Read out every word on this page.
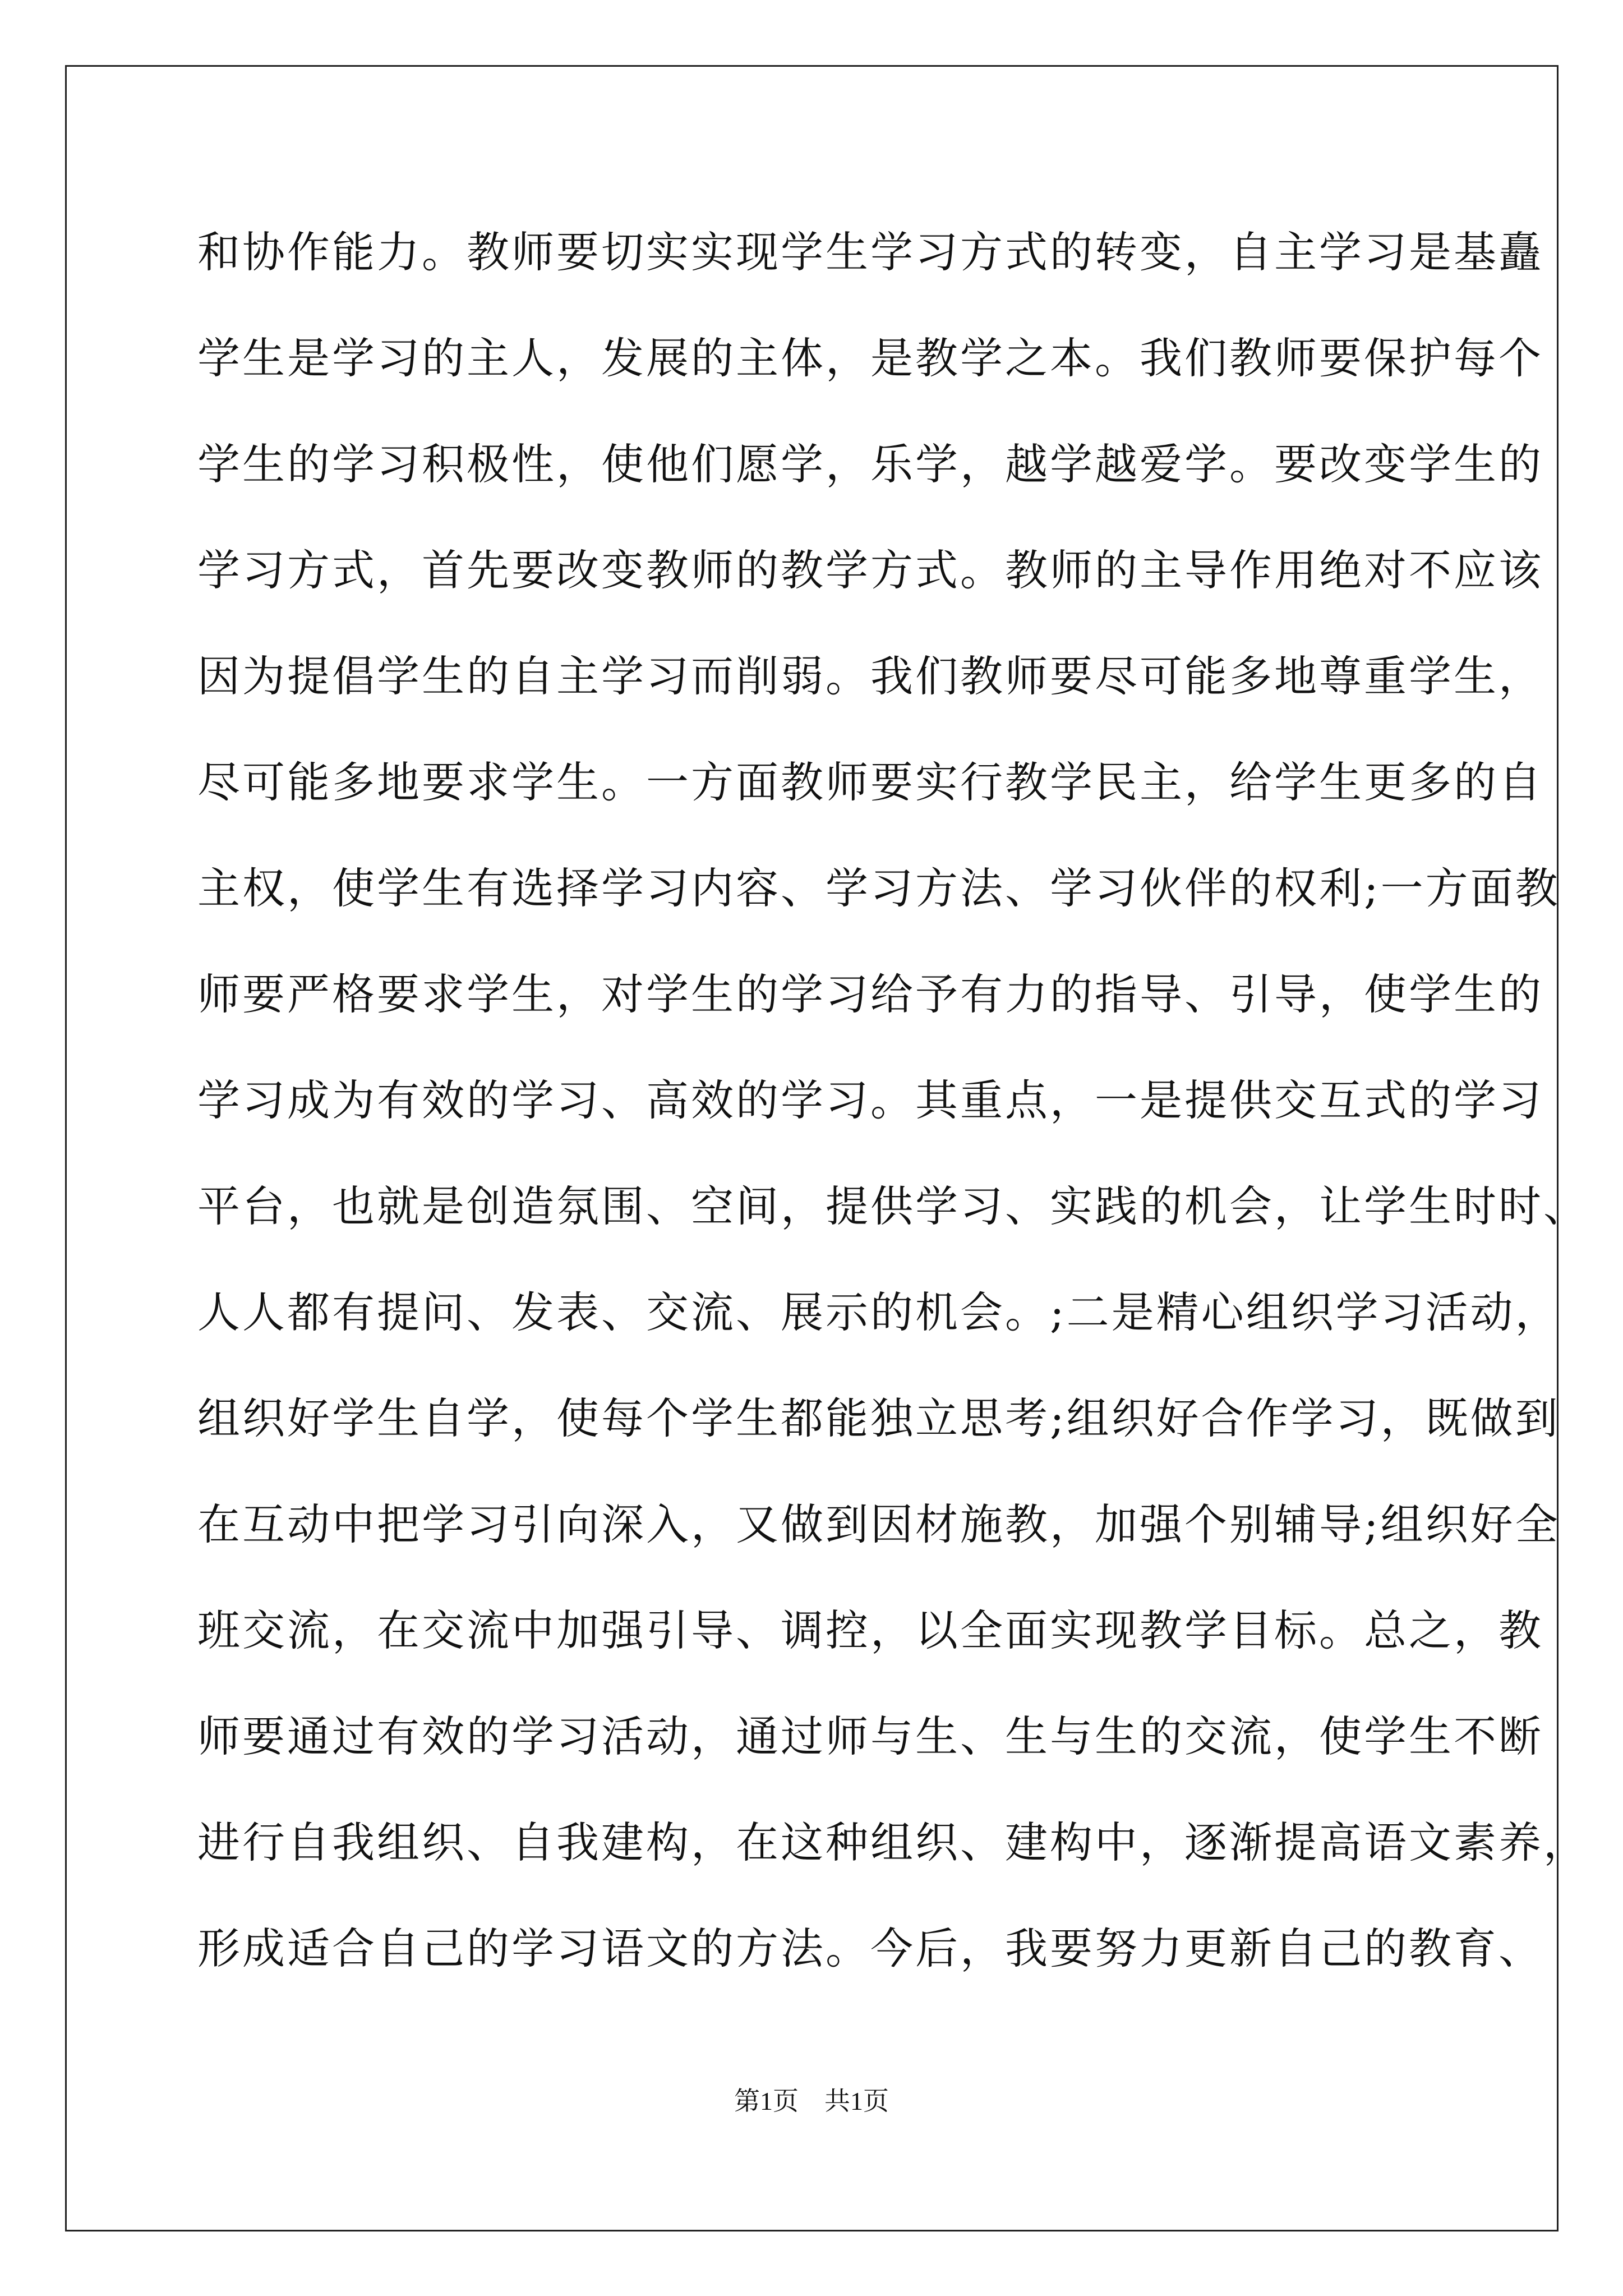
和协作能力。教师要切实实现学生学习方式的转变，自主学习是基矗
学生是学习的主人，发展的主体，是教学之本。我们教师要保护每个
学生的学习积极性，使他们愿学，乐学，越学越爱学。要改变学生的
学习方式，首先要改变教师的教学方式。教师的主导作用绝对不应该
因为提倡学生的自主学习而削弱。我们教师要尽可能多地尊重学生，
尽可能多地要求学生。一方面教师要实行教学民主，给学生更多的自
主权，使学生有选择学习内容、学习方法、学习伙伴的权利;一方面教
师要严格要求学生，对学生的学习给予有力的指导、引导，使学生的
学习成为有效的学习、高效的学习。其重点，一是提供交互式的学习
平台，也就是创造氛围、空间，提供学习、实践的机会，让学生时时、
人人都有提问、发表、交流、展示的机会。;二是精心组织学习活动，
组织好学生自学，使每个学生都能独立思考;组织好合作学习，既做到
在互动中把学习引向深入，又做到因材施教，加强个别辅导;组织好全
班交流，在交流中加强引导、调控，以全面实现教学目标。总之，教
师要通过有效的学习活动，通过师与生、生与生的交流，使学生不断
进行自我组织、自我建构，在这种组织、建构中，逐渐提高语文素养，
形成适合自己的学习语文的方法。今后，我要努力更新自己的教育、
第1页　共1页
